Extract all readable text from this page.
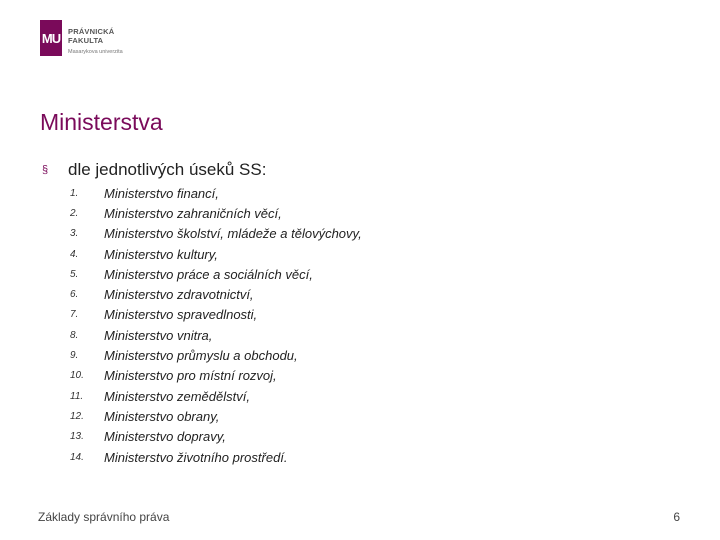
MU PRÁVNICKÁ
FAKULTA
Masarykova univerzita
Ministerstva
§	dle jednotlivých úseků SS:
1.	Ministerstvo financí,
2.	Ministerstvo zahraničních věcí,
3.	Ministerstvo školství, mládeže a tělovýchovy,
4.	Ministerstvo kultury,
5.	Ministerstvo práce a sociálních věcí,
6.	Ministerstvo zdravotnictví,
7.	Ministerstvo spravedlnosti,
8.	Ministerstvo vnitra,
9.	Ministerstvo průmyslu a obchodu,
10.	Ministerstvo pro místní rozvoj,
11.	Ministerstvo zemědělství,
12.	Ministerstvo obrany,
13.	Ministerstvo dopravy,
14.	Ministerstvo životního prostředí.
Základy správního práva	6
